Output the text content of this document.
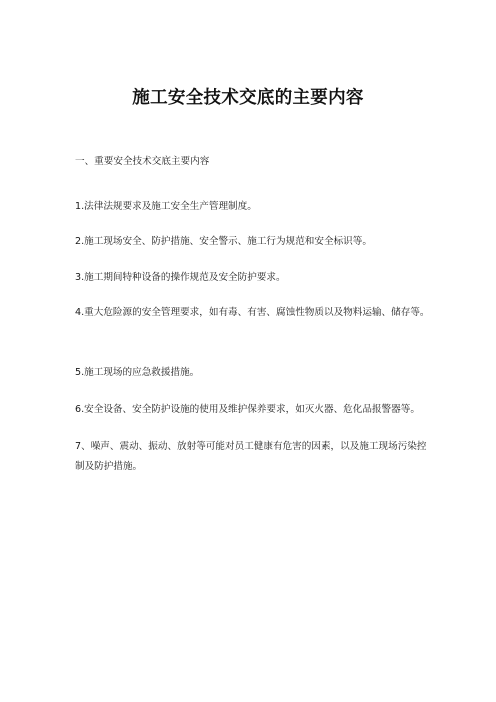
施工安全技术交底的主要内容

一、重要安全技术交底主要内容

1.法律法规要求及施工安全生产管理制度。

2.施工现场安全、防护措施、安全警示、施工行为规范和安全标识等。

3.施工期间特种设备的操作规范及安全防护要求。

4.重大危险源的安全管理要求，如有毒、有害、腐蚀性物质以及物料运输、储存等。

5.施工现场的应急救援措施。

6.安全设备、安全防护设施的使用及维护保养要求，如灭火器、危化品报警器等。

7、噪声、震动、振动、放射等可能对员工健康有危害的因素，以及施工现场污染控制及防护措施。
